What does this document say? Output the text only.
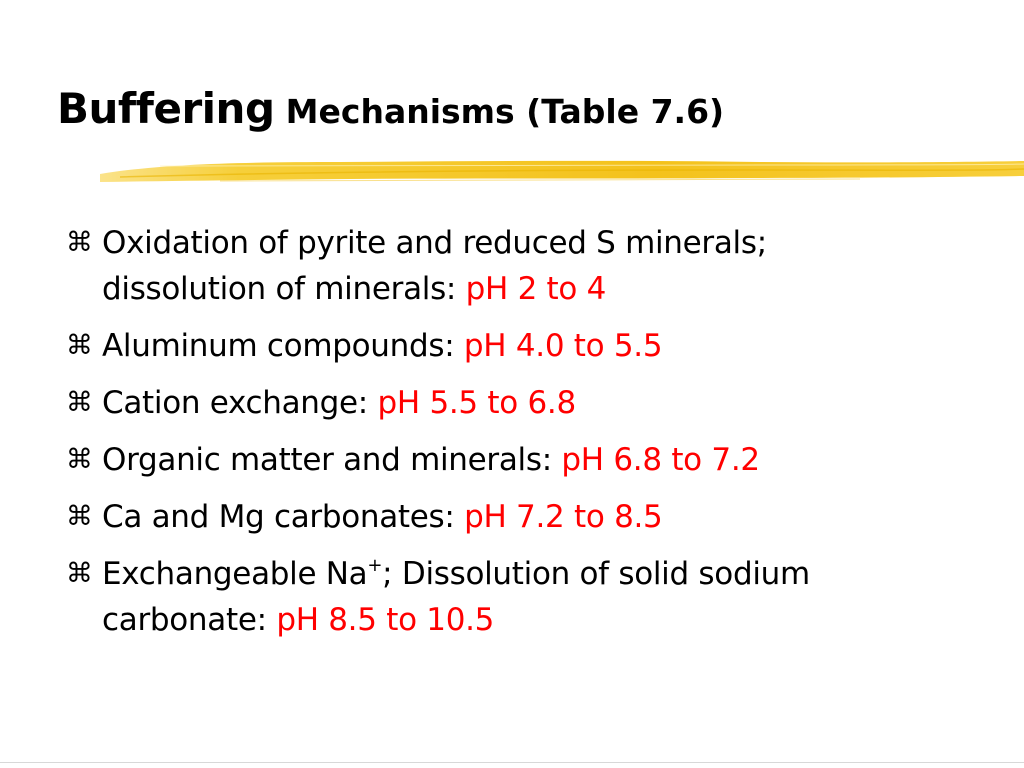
Buffering Mechanisms (Table 7.6)
⌘ Oxidation of pyrite and reduced S minerals;
dissolution of minerals: pH 2 to 4
⌘ Aluminum compounds: pH 4.0 to 5.5
⌘ Cation exchange: pH 5.5 to 6.8
⌘ Organic matter and minerals: pH 6.8 to 7.2
⌘ Ca and Mg carbonates: pH 7.2 to 8.5
⌘ Exchangeable Na+; Dissolution of solid sodium
carbonate: pH 8.5 to 10.5
